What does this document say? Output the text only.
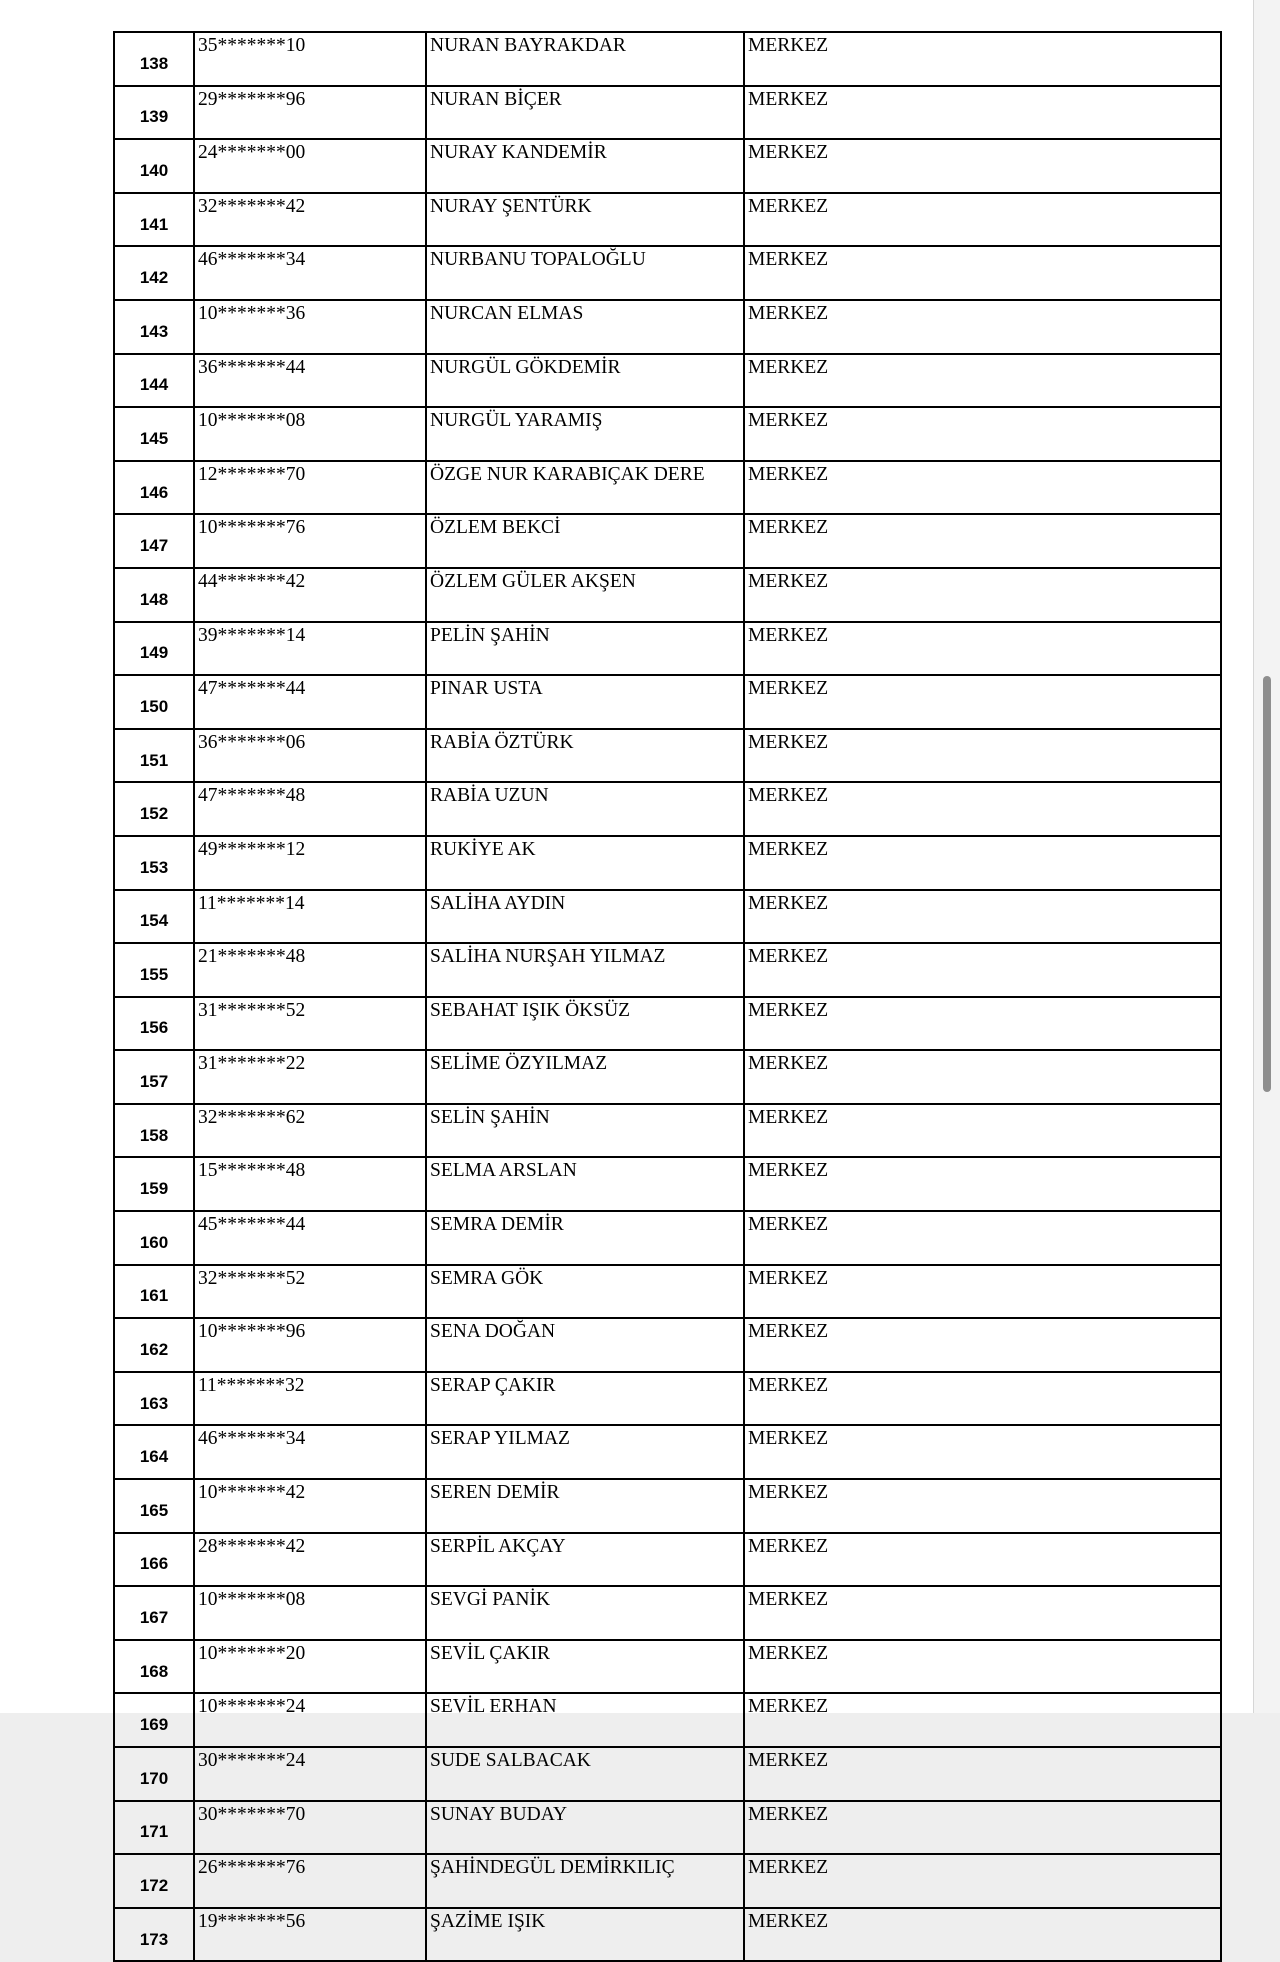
138	35*******10	NURAN BAYRAKDAR	MERKEZ

139	29*******96	NURAN BİÇER	MERKEZ

140	24*******00	NURAY KANDEMİR	MERKEZ

141	32*******42	NURAY ŞENTÜRK	MERKEZ

142	46*******34	NURBANU TOPALOĞLU	MERKEZ

143	10*******36	NURCAN ELMAS	MERKEZ

144	36*******44	NURGÜL GÖKDEMİR	MERKEZ

145	10*******08	NURGÜL YARAMIŞ	MERKEZ

146	12*******70	ÖZGE NUR KARABIÇAK DERE	MERKEZ

147	10*******76	ÖZLEM BEKCİ	MERKEZ

148	44*******42	ÖZLEM GÜLER AKŞEN	MERKEZ

149	39*******14	PELİN ŞAHİN	MERKEZ

150	47*******44	PINAR USTA	MERKEZ

151	36*******06	RABİA ÖZTÜRK	MERKEZ

152	47*******48	RABİA UZUN	MERKEZ

153	49*******12	RUKİYE AK	MERKEZ

154	11*******14	SALİHA AYDIN	MERKEZ

155	21*******48	SALİHA NURŞAH YILMAZ	MERKEZ

156	31*******52	SEBAHAT IŞIK ÖKSÜZ	MERKEZ

157	31*******22	SELİME ÖZYILMAZ	MERKEZ

158	32*******62	SELİN ŞAHİN	MERKEZ

159	15*******48	SELMA ARSLAN	MERKEZ

160	45*******44	SEMRA DEMİR	MERKEZ

161	32*******52	SEMRA GÖK	MERKEZ

162	10*******96	SENA DOĞAN	MERKEZ

163	11*******32	SERAP ÇAKIR	MERKEZ

164	46*******34	SERAP YILMAZ	MERKEZ

165	10*******42	SEREN DEMİR	MERKEZ

166	28*******42	SERPİL AKÇAY	MERKEZ

167	10*******08	SEVGİ PANİK	MERKEZ

168	10*******20	SEVİL ÇAKIR	MERKEZ

169	10*******24	SEVİL ERHAN	MERKEZ

170	30*******24	SUDE SALBACAK	MERKEZ

171	30*******70	SUNAY BUDAY	MERKEZ

172	26*******76	ŞAHİNDEGÜL DEMİRKILIÇ	MERKEZ

173	19*******56	ŞAZİME IŞIK	MERKEZ
